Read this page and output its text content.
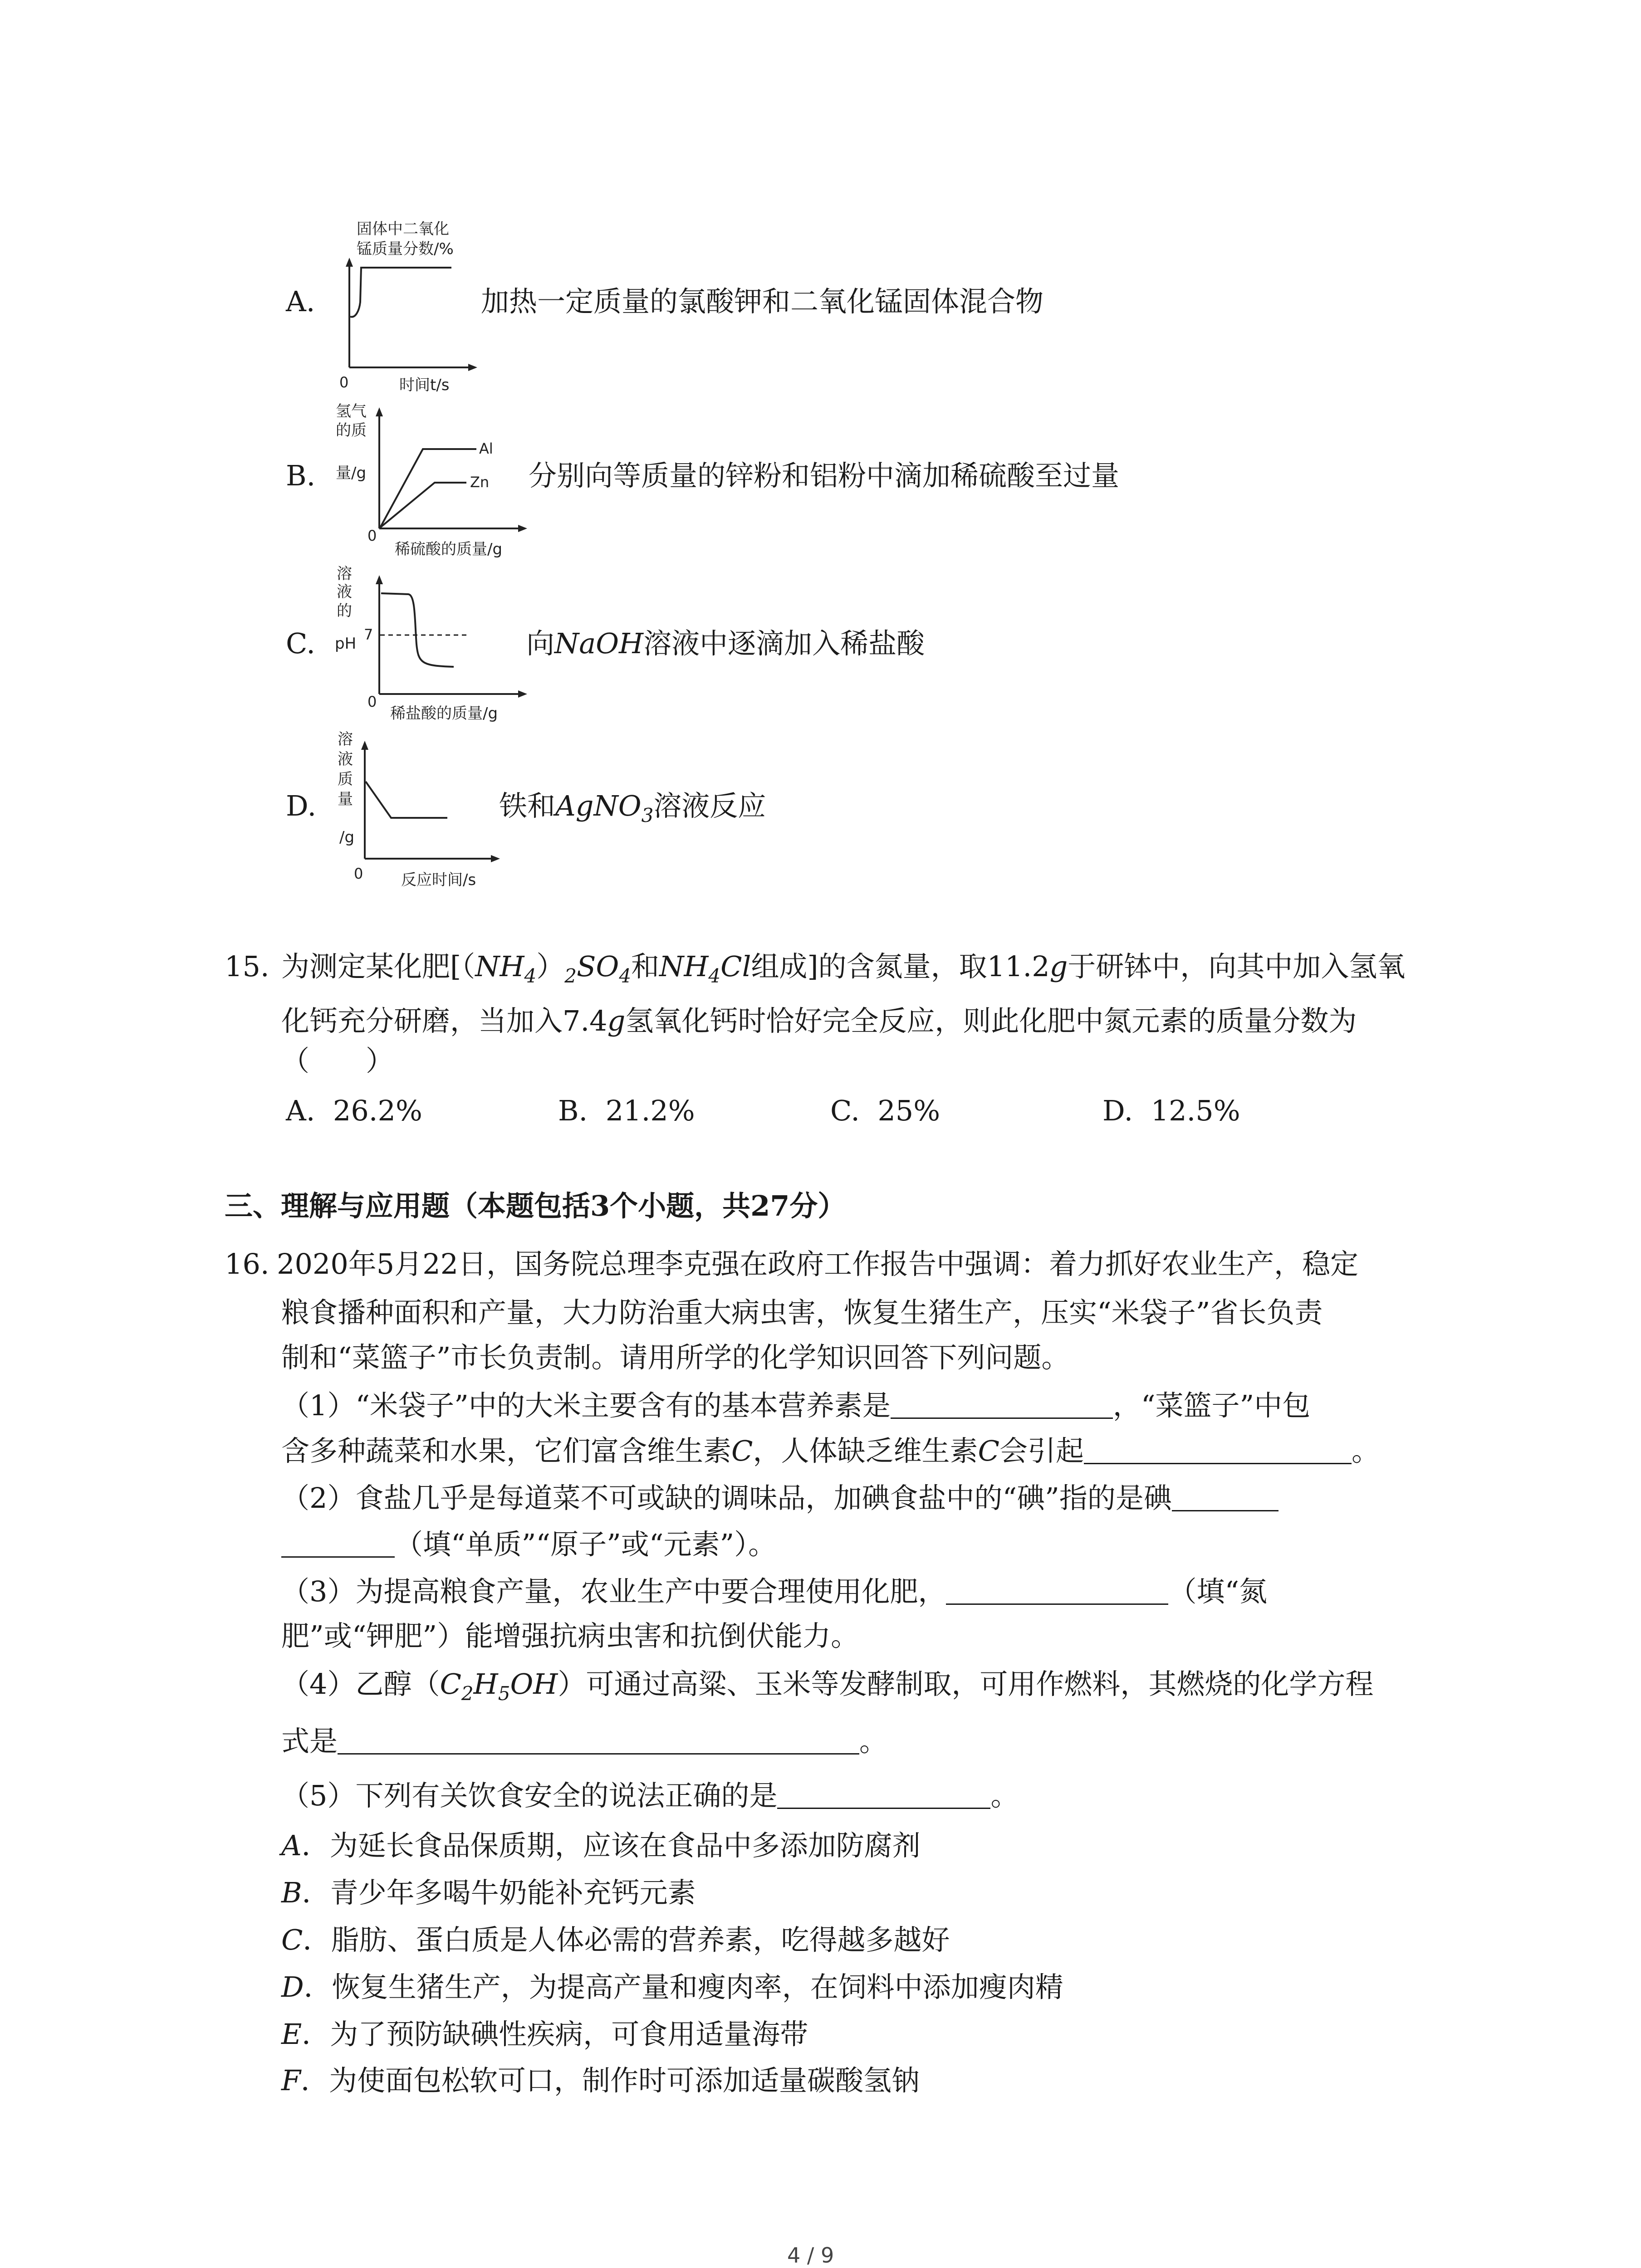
A.
固体中二氧化
锰质量分数/%
0	时间t/s
加热一定质量的氯酸钾和二氧化锰固体混合物
B.
氢气
的质
量/g
Al
Zn
0
稀硫酸的质量/g
分别向等质量的锌粉和铝粉中滴加稀硫酸至过量
C.
溶
液
的
pH 7
0
稀盐酸的质量/g
向NaOH溶液中逐滴加入稀盐酸
D.
溶
液
质
量
/g
0 反应时间/s
铁和AgNO$_3$溶液反应
15. 为测定某化肥[$(NH_4)_2SO_4$和$NH_4Cl$组成]的含氮量，取11.2g于研钵中，向其中加入氢氧
化钙充分研磨，当加入7.4g氢氧化钙时恰好完全反应，则此化肥中氮元素的质量分数为
（　　）
A. 26.2%	B. 21.2%	C. 25%	D. 12.5%
三、理解与应用题（本题包括3个小题，共27分）
16. 2020年5月22日，国务院总理李克强在政府工作报告中强调：着力抓好农业生产，稳定
粮食播种面积和产量，大力防治重大病虫害，恢复生猪生产，压实“米袋子”省长负责
制和“菜篮子”市长负责制。请用所学的化学知识回答下列问题。
（1）“米袋子”中的大米主要含有的基本营养素是	，“菜篮子”中包
含多种蔬菜和水果，它们富含维生素C，人体缺乏维生素C会引起	。
（2）食盐几乎是每道菜不可或缺的调味品，加碘食盐中的“碘”指的是碘
（填“单质”“原子”或“元素”）。
（3）为提高粮食产量，农业生产中要合理使用化肥，	（填“氮
肥”或“钾肥”）能增强抗病虫害和抗倒伏能力。
（4）乙醇$(C_2H_5OH)$可通过高粱、玉米等发酵制取，可用作燃料，其燃烧的化学方程
式是	。
（5）下列有关饮食安全的说法正确的是	。
A．为延长食品保质期，应该在食品中多添加防腐剂
B．青少年多喝牛奶能补充钙元素
C．脂肪、蛋白质是人体必需的营养素，吃得越多越好
D．恢复生猪生产，为提高产量和瘦肉率，在饲料中添加瘦肉精
E．为了预防缺碘性疾病，可食用适量海带
F．为使面包松软可口，制作时可添加适量碳酸氢钠
4 / 9
